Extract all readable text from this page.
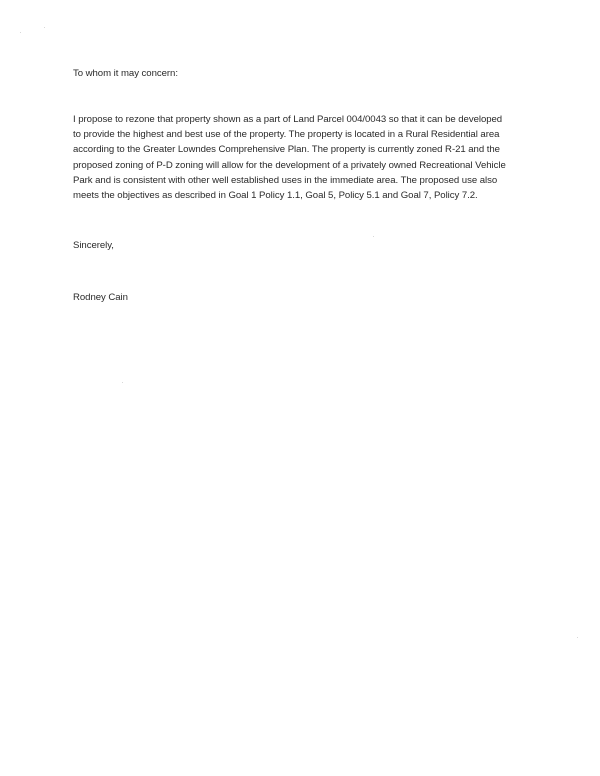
To whom it may concern:
I propose to rezone that property shown as a part of Land Parcel 004/0043 so that it can be developed
to provide the highest and best use of the property. The property is located in a Rural Residential area
according to the Greater Lowndes Comprehensive Plan. The property is currently zoned R-21 and the
proposed zoning of P-D zoning will allow for the development of a privately owned Recreational Vehicle
Park and is consistent with other well established uses in the immediate area. The proposed use also
meets the objectives as described in Goal 1 Policy 1.1, Goal 5, Policy 5.1 and Goal 7, Policy 7.2.
Sincerely,
Rodney Cain
